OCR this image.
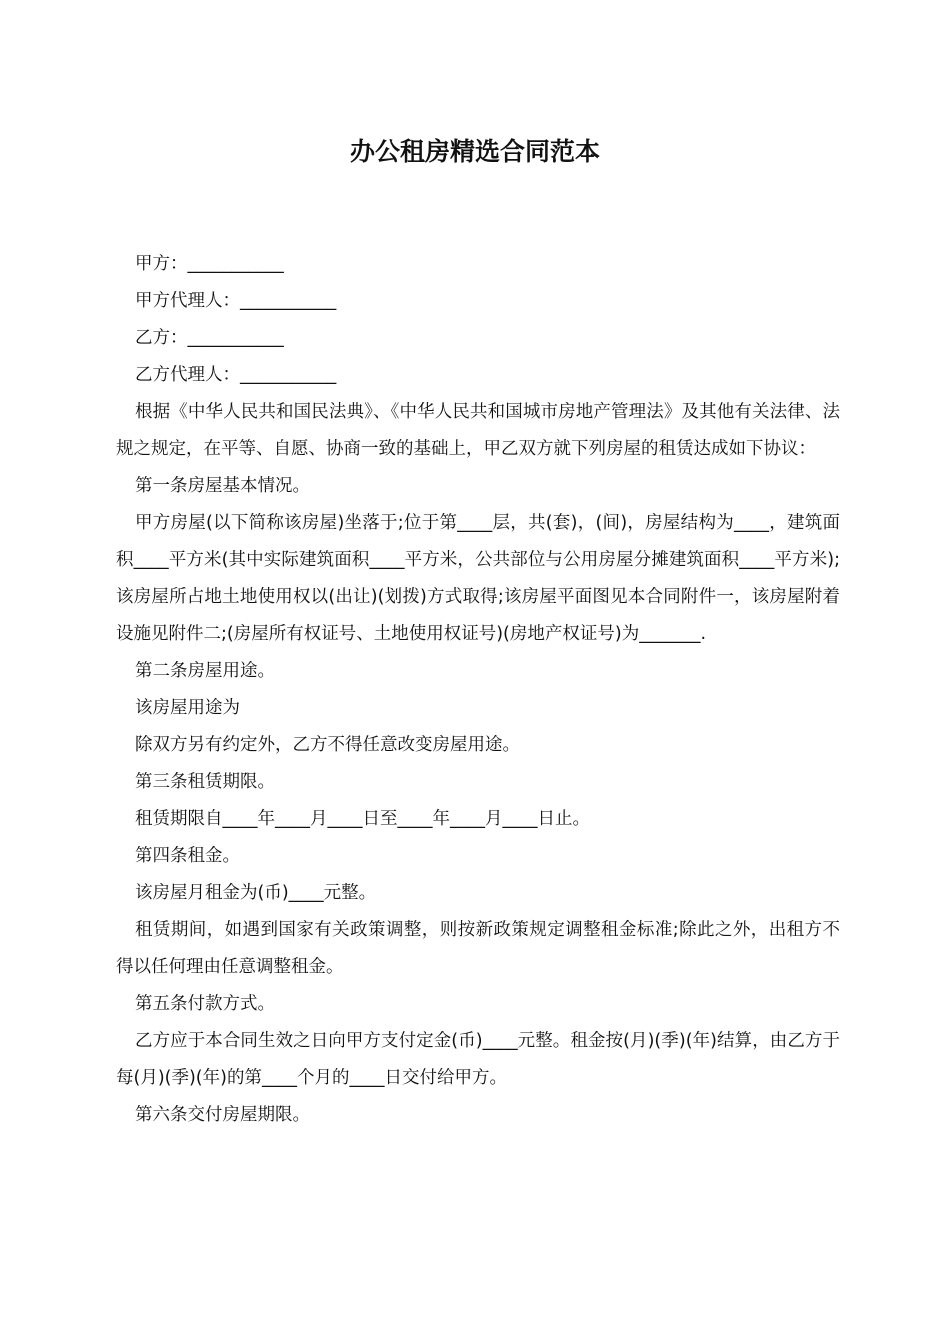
办公租房精选合同范本

甲方：___________

甲方代理人：___________

乙方：___________

乙方代理人：___________

根据《中华人民共和国民法典》、《中华人民共和国城市房地产管理法》及其他有关法律、法规之规定，在平等、自愿、协商一致的基础上，甲乙双方就下列房屋的租赁达成如下协议：

第一条房屋基本情况。

甲方房屋(以下简称该房屋)坐落于;位于第____层，共(套)，(间)，房屋结构为____，建筑面积____平方米(其中实际建筑面积____平方米，公共部位与公用房屋分摊建筑面积____平方米);该房屋所占地土地使用权以(出让)(划拨)方式取得;该房屋平面图见本合同附件一，该房屋附着设施见附件二;(房屋所有权证号、土地使用权证号)(房地产权证号)为_______.

第二条房屋用途。

该房屋用途为

除双方另有约定外，乙方不得任意改变房屋用途。

第三条租赁期限。

租赁期限自____年____月____日至____年____月____日止。

第四条租金。

该房屋月租金为(币)____元整。

租赁期间，如遇到国家有关政策调整，则按新政策规定调整租金标准;除此之外，出租方不得以任何理由任意调整租金。

第五条付款方式。

乙方应于本合同生效之日向甲方支付定金(币)____元整。租金按(月)(季)(年)结算，由乙方于每(月)(季)(年)的第____个月的____日交付给甲方。

第六条交付房屋期限。
